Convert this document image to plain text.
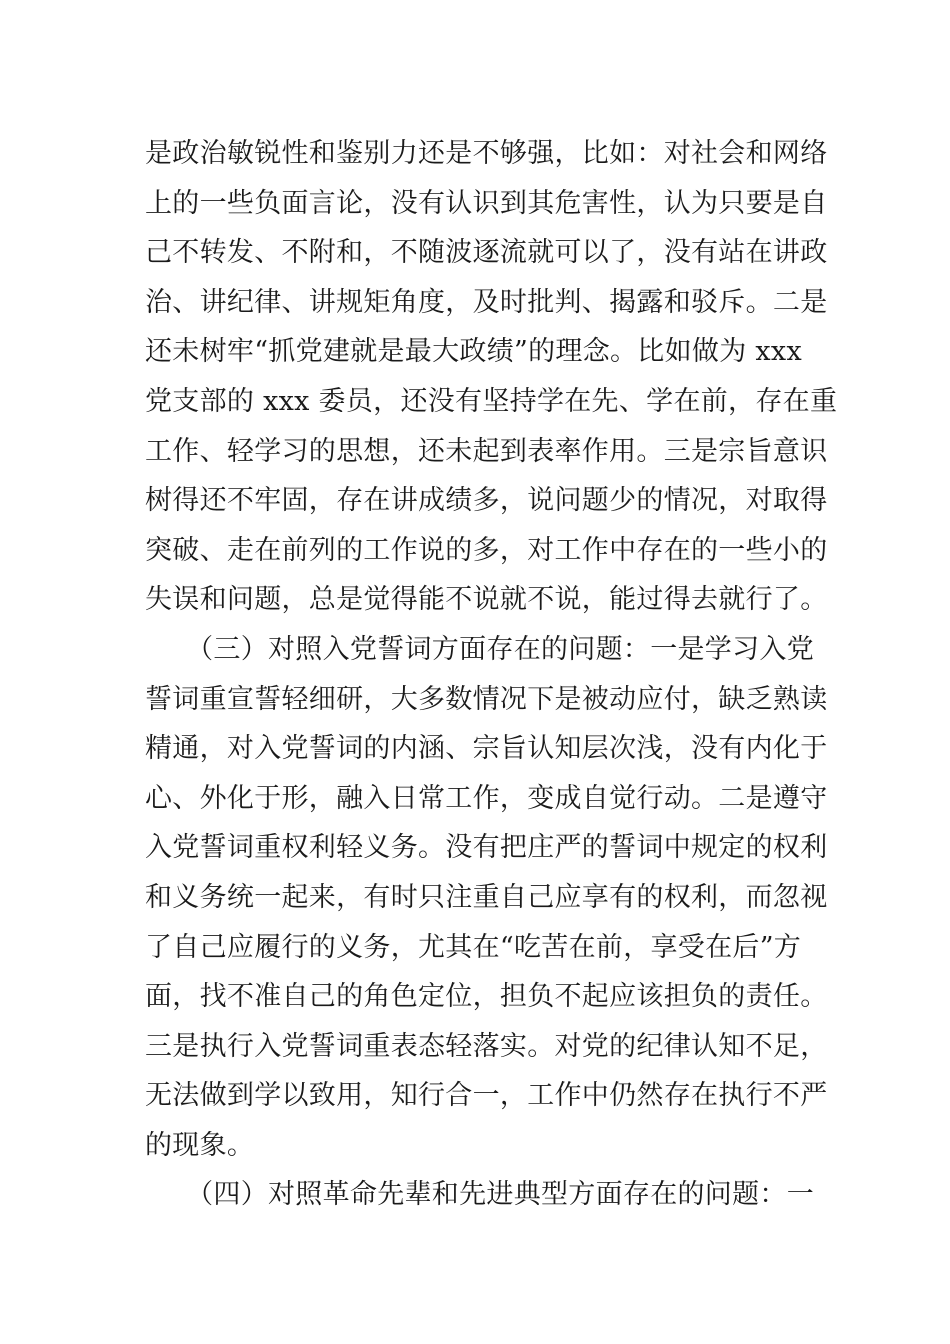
是政治敏锐性和鉴别力还是不够强，比如：对社会和网络
上的一些负面言论，没有认识到其危害性，认为只要是自
己不转发、不附和，不随波逐流就可以了，没有站在讲政
治、讲纪律、讲规矩角度，及时批判、揭露和驳斥。二是
还未树牢“抓党建就是最大政绩”的理念。比如做为 xxx
党支部的 xxx 委员，还没有坚持学在先、学在前，存在重
工作、轻学习的思想，还未起到表率作用。三是宗旨意识
树得还不牢固，存在讲成绩多，说问题少的情况，对取得
突破、走在前列的工作说的多，对工作中存在的一些小的
失误和问题，总是觉得能不说就不说，能过得去就行了。
　　（三）对照入党誓词方面存在的问题：一是学习入党
誓词重宣誓轻细研，大多数情况下是被动应付，缺乏熟读
精通，对入党誓词的内涵、宗旨认知层次浅，没有内化于
心、外化于形，融入日常工作，变成自觉行动。二是遵守
入党誓词重权利轻义务。没有把庄严的誓词中规定的权利
和义务统一起来，有时只注重自己应享有的权利，而忽视
了自己应履行的义务，尤其在“吃苦在前，享受在后”方
面，找不准自己的角色定位，担负不起应该担负的责任。
三是执行入党誓词重表态轻落实。对党的纪律认知不足，
无法做到学以致用，知行合一，工作中仍然存在执行不严
的现象。
　　（四）对照革命先辈和先进典型方面存在的问题：一
